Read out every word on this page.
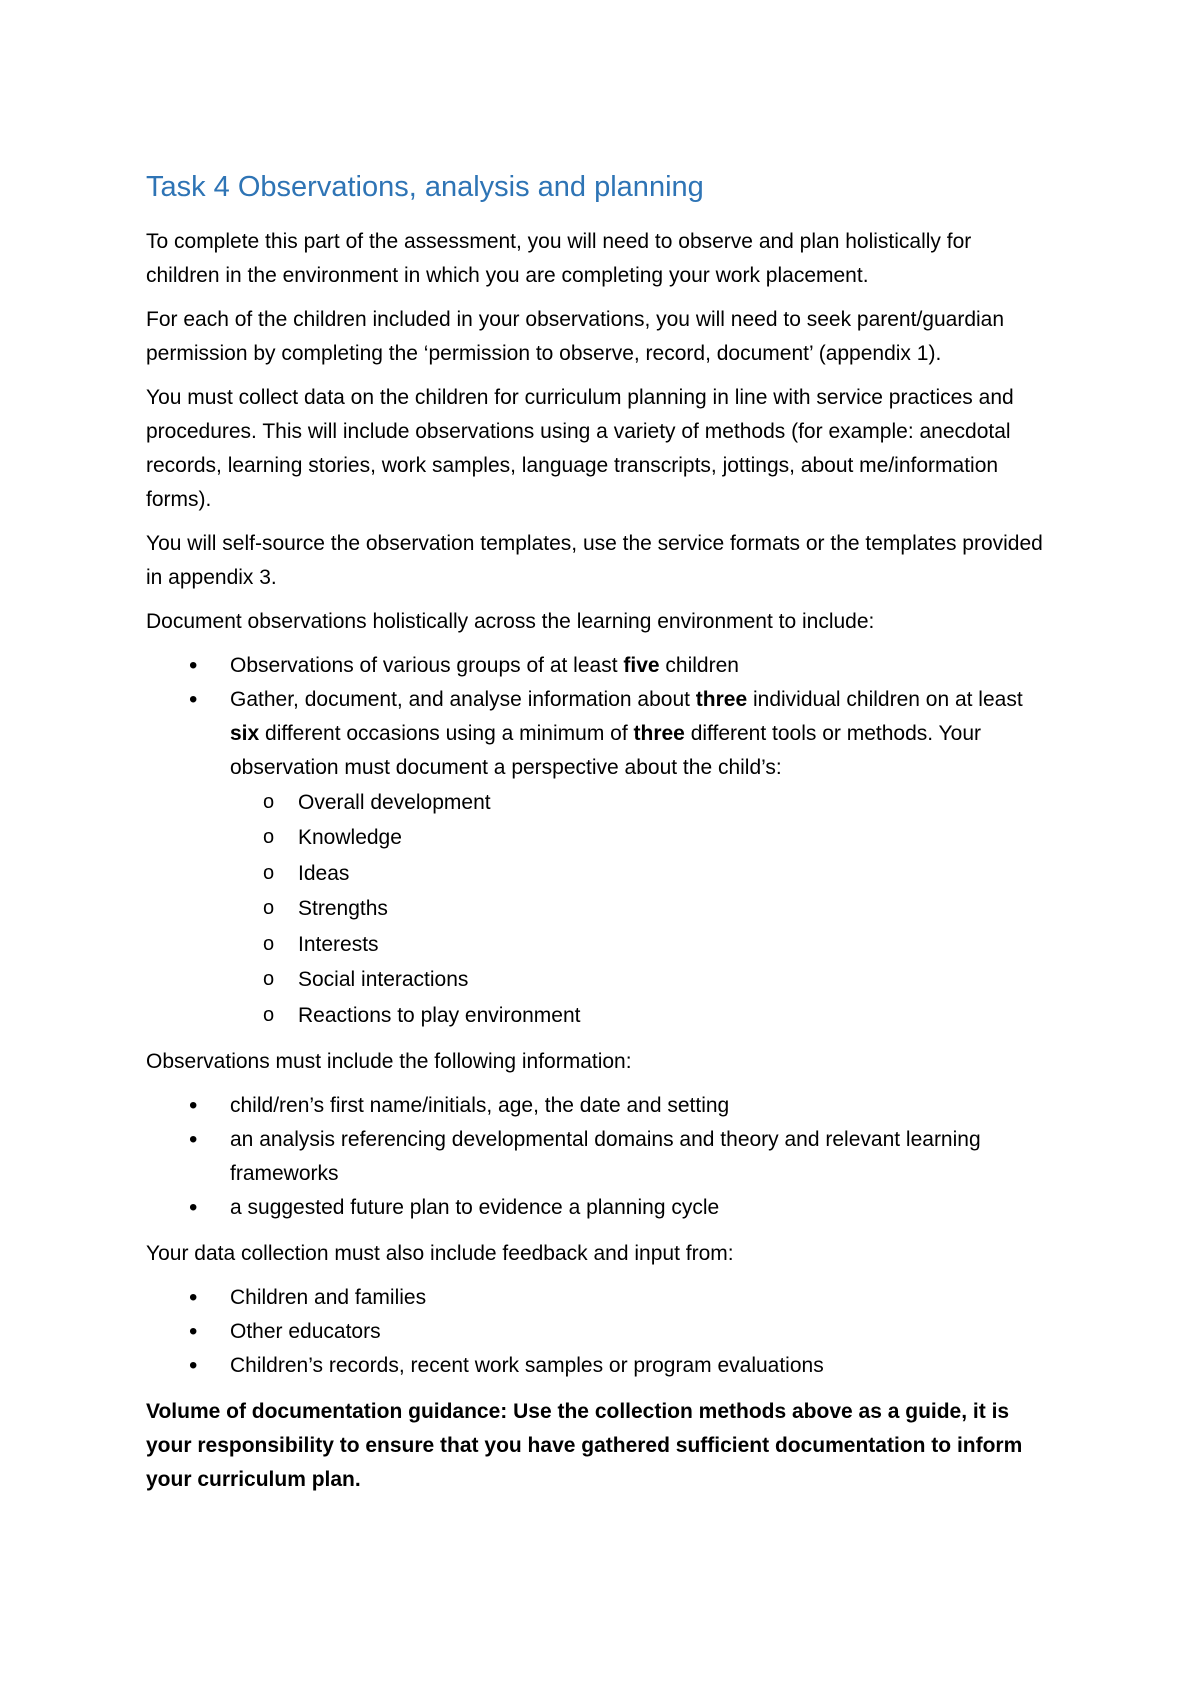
Task 4 Observations, analysis and planning

To complete this part of the assessment, you will need to observe and plan holistically for children in the environment in which you are completing your work placement.

For each of the children included in your observations, you will need to seek parent/guardian permission by completing the ‘permission to observe, record, document’ (appendix 1).

You must collect data on the children for curriculum planning in line with service practices and procedures. This will include observations using a variety of methods (for example: anecdotal records, learning stories, work samples, language transcripts, jottings, about me/information forms).

You will self-source the observation templates, use the service formats or the templates provided in appendix 3.

Document observations holistically across the learning environment to include:

• Observations of various groups of at least five children
• Gather, document, and analyse information about three individual children on at least six different occasions using a minimum of three different tools or methods. Your observation must document a perspective about the child’s:
o Overall development
o Knowledge
o Ideas
o Strengths
o Interests
o Social interactions
o Reactions to play environment

Observations must include the following information:

• child/ren’s first name/initials, age, the date and setting
• an analysis referencing developmental domains and theory and relevant learning frameworks
• a suggested future plan to evidence a planning cycle

Your data collection must also include feedback and input from:

• Children and families
• Other educators
• Children’s records, recent work samples or program evaluations

Volume of documentation guidance: Use the collection methods above as a guide, it is your responsibility to ensure that you have gathered sufficient documentation to inform your curriculum plan.
